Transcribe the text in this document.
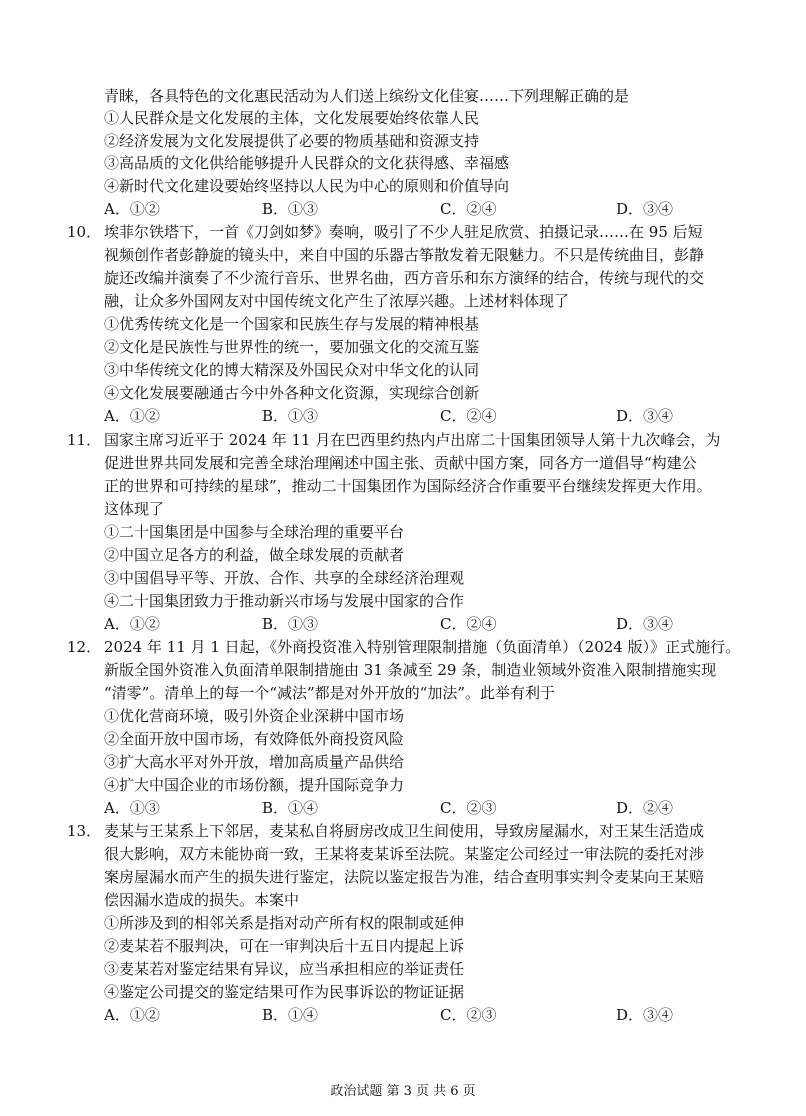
青睐，各具特色的文化惠民活动为人们送上缤纷文化佳宴……下列理解正确的是
①人民群众是文化发展的主体，文化发展要始终依靠人民
②经济发展为文化发展提供了必要的物质基础和资源支持
③高品质的文化供给能够提升人民群众的文化获得感、幸福感
④新时代文化建设要始终坚持以人民为中心的原则和价值导向
A．①②	B．①③	C．②④	D．③④
10． 埃菲尔铁塔下，一首《刀剑如梦》奏响，吸引了不少人驻足欣赏、拍摄记录……在 95 后短
视频创作者彭静旋的镜头中，来自中国的乐器古筝散发着无限魅力。不只是传统曲目，彭静
旋还改编并演奏了不少流行音乐、世界名曲，西方音乐和东方演绎的结合，传统与现代的交
融，让众多外国网友对中国传统文化产生了浓厚兴趣。上述材料体现了
①优秀传统文化是一个国家和民族生存与发展的精神根基
②文化是民族性与世界性的统一，要加强文化的交流互鉴
③中华传统文化的博大精深及外国民众对中华文化的认同
④文化发展要融通古今中外各种文化资源，实现综合创新
A．①②	B．①③	C．②④	D．③④
11． 国家主席习近平于 2024 年 11 月在巴西里约热内卢出席二十国集团领导人第十九次峰会，为
促进世界共同发展和完善全球治理阐述中国主张、贡献中国方案，同各方一道倡导“构建公
正的世界和可持续的星球”，推动二十国集团作为国际经济合作重要平台继续发挥更大作用。
这体现了
①二十国集团是中国参与全球治理的重要平台
②中国立足各方的利益，做全球发展的贡献者
③中国倡导平等、开放、合作、共享的全球经济治理观
④二十国集团致力于推动新兴市场与发展中国家的合作
A．①②	B．①③	C．②④	D．③④
12． 2024 年 11 月 1 日起，《外商投资准入特别管理限制措施（负面清单）（2024 版）》正式施行。
新版全国外资准入负面清单限制措施由 31 条减至 29 条，制造业领域外资准入限制措施实现
“清零”。清单上的每一个“减法”都是对外开放的“加法”。此举有利于
①优化营商环境，吸引外资企业深耕中国市场
②全面开放中国市场，有效降低外商投资风险
③扩大高水平对外开放，增加高质量产品供给
④扩大中国企业的市场份额，提升国际竞争力
A．①③	B．①④	C．②③	D．②④
13． 麦某与王某系上下邻居，麦某私自将厨房改成卫生间使用，导致房屋漏水，对王某生活造成
很大影响，双方未能协商一致，王某将麦某诉至法院。某鉴定公司经过一审法院的委托对涉
案房屋漏水而产生的损失进行鉴定，法院以鉴定报告为准，结合查明事实判令麦某向王某赔
偿因漏水造成的损失。本案中
①所涉及到的相邻关系是指对动产所有权的限制或延伸
②麦某若不服判决，可在一审判决后十五日内提起上诉
③麦某若对鉴定结果有异议，应当承担相应的举证责任
④鉴定公司提交的鉴定结果可作为民事诉讼的物证证据
A．①②	B．①④	C．②③	D．③④
政治试题 第 3 页 共 6 页
